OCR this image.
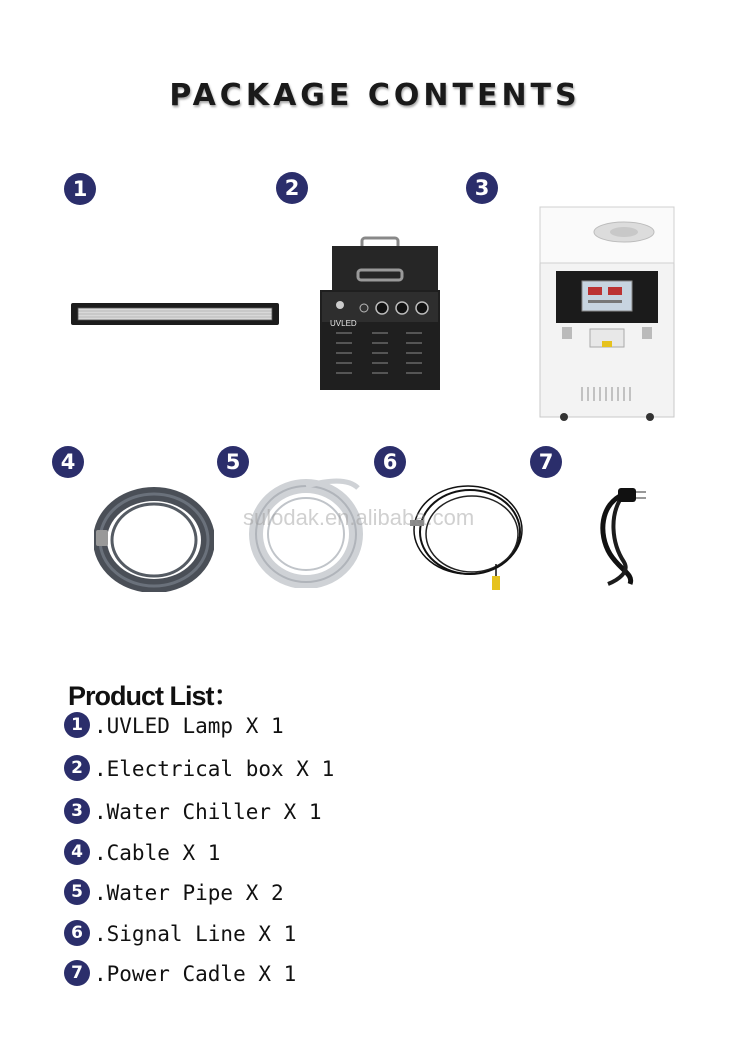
PACKAGE CONTENTS
1	2	3
UVLED
4	5	6	7
sulodak.en.alibaba.com
Product List：
1 .UVLED Lamp X 1
2 .Electrical box X 1
3 .Water Chiller X 1
4 .Cable X 1
5 .Water Pipe X 2
6 .Signal Line X 1
7 .Power Cadle X 1
